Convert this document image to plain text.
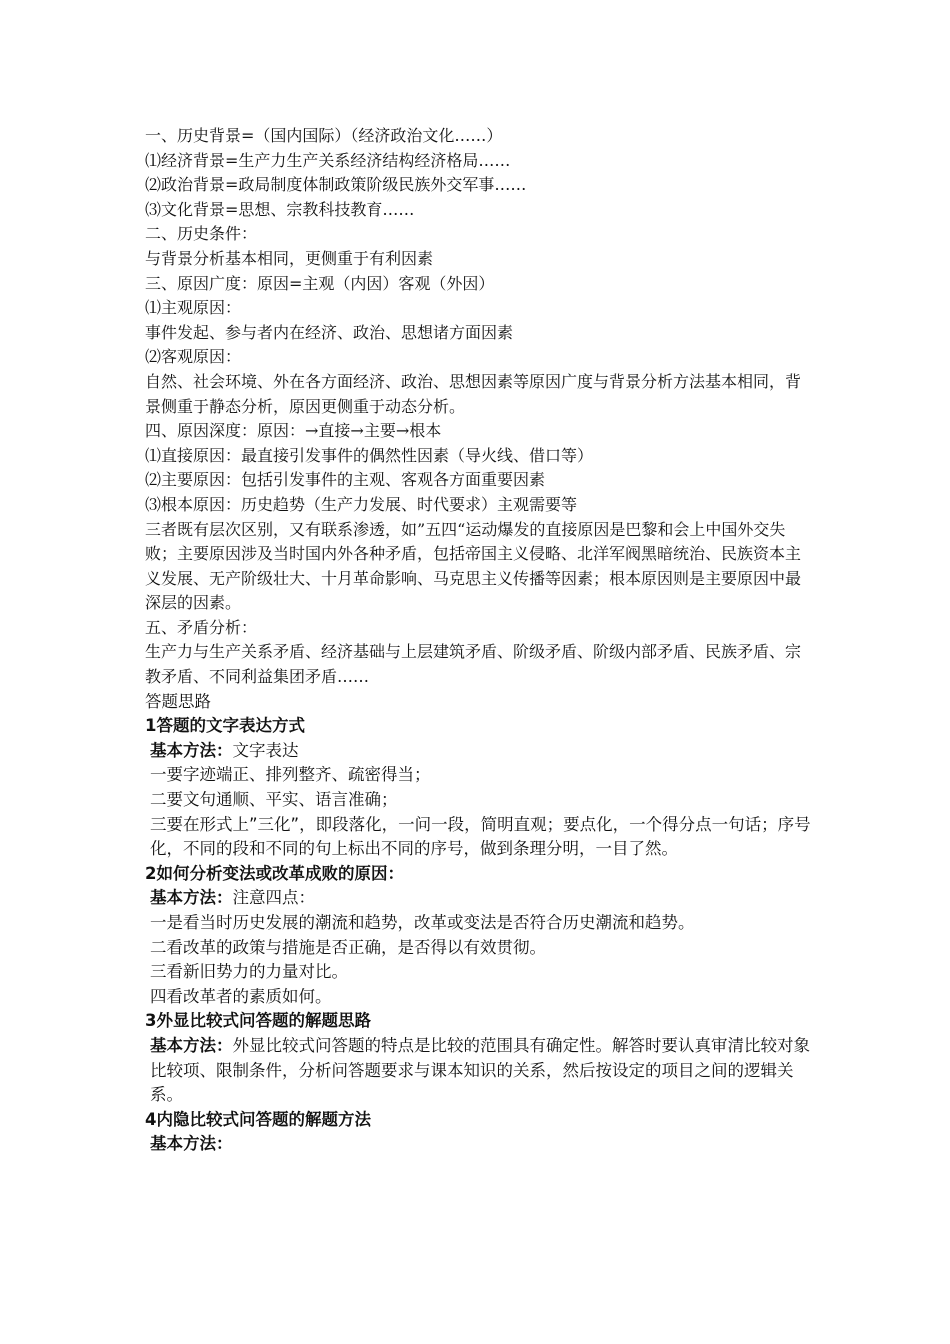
一、历史背景=（国内国际）（经济政治文化……）
⑴经济背景=生产力生产关系经济结构经济格局……
⑵政治背景=政局制度体制政策阶级民族外交军事……
⑶文化背景=思想、宗教科技教育……
二、历史条件：
与背景分析基本相同，更侧重于有利因素
三、原因广度：原因=主观（内因）客观（外因）
⑴主观原因：
事件发起、参与者内在经济、政治、思想诸方面因素
⑵客观原因：
自然、社会环境、外在各方面经济、政治、思想因素等原因广度与背景分析方法基本相同，背景侧重于静态分析，原因更侧重于动态分析。
四、原因深度：原因：→直接→主要→根本
⑴直接原因：最直接引发事件的偶然性因素（导火线、借口等）
⑵主要原因：包括引发事件的主观、客观各方面重要因素
⑶根本原因：历史趋势（生产力发展、时代要求）主观需要等
三者既有层次区别，又有联系渗透，如”五四“运动爆发的直接原因是巴黎和会上中国外交失败；主要原因涉及当时国内外各种矛盾，包括帝国主义侵略、北洋军阀黑暗统治、民族资本主义发展、无产阶级壮大、十月革命影响、马克思主义传播等因素；根本原因则是主要原因中最深层的因素。
五、矛盾分析：
生产力与生产关系矛盾、经济基础与上层建筑矛盾、阶级矛盾、阶级内部矛盾、民族矛盾、宗教矛盾、不同利益集团矛盾……
答题思路
1答题的文字表达方式
基本方法：文字表达
一要字迹端正、排列整齐、疏密得当；
二要文句通顺、平实、语言准确；
三要在形式上”三化”，即段落化，一问一段，简明直观；要点化，一个得分点一句话；序号化，不同的段和不同的句上标出不同的序号，做到条理分明，一目了然。
2如何分析变法或改革成败的原因：
基本方法：注意四点：
一是看当时历史发展的潮流和趋势，改革或变法是否符合历史潮流和趋势。
二看改革的政策与措施是否正确，是否得以有效贯彻。
三看新旧势力的力量对比。
四看改革者的素质如何。
3外显比较式问答题的解题思路
基本方法：外显比较式问答题的特点是比较的范围具有确定性。解答时要认真审清比较对象比较项、限制条件，分析问答题要求与课本知识的关系，然后按设定的项目之间的逻辑关系。
4内隐比较式问答题的解题方法
基本方法：
